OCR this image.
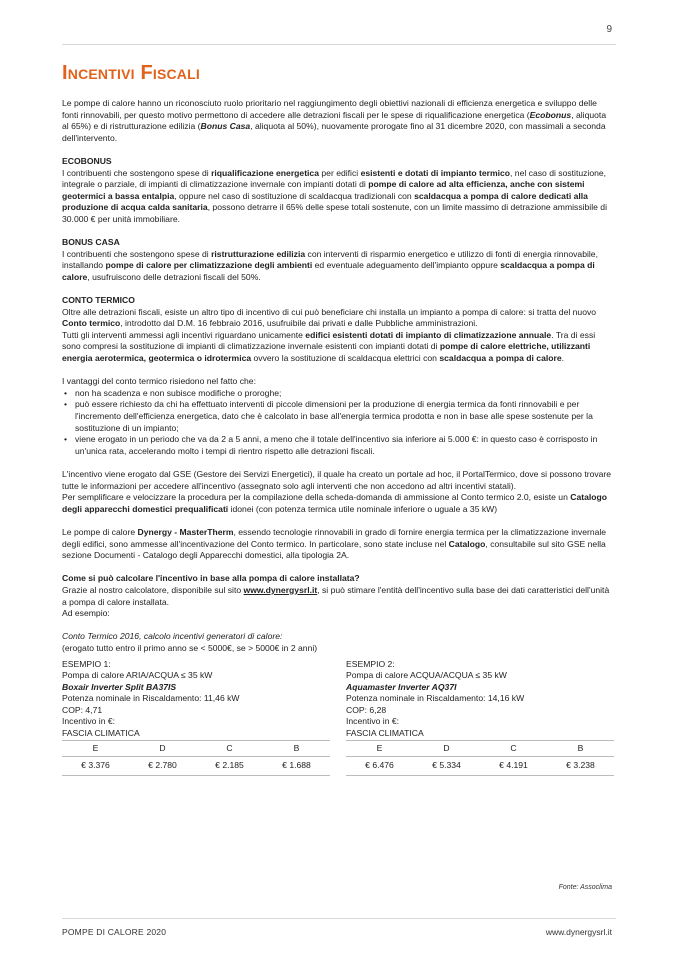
9
Incentivi Fiscali

Le pompe di calore hanno un riconosciuto ruolo prioritario nel raggiungimento degli obiettivi nazionali di efficienza energetica e sviluppo delle fonti rinnovabili, per questo motivo permettono di accedere alle detrazioni fiscali per le spese di riqualificazione energetica (Ecobonus, aliquota al 65%) e di ristrutturazione edilizia (Bonus Casa, aliquota al 50%), nuovamente prorogate fino al 31 dicembre 2020, con massimali a seconda dell'intervento.

ECOBONUS

I contribuenti che sostengono spese di riqualificazione energetica per edifici esistenti e dotati di impianto termico, nel caso di sostituzione, integrale o parziale, di impianti di climatizzazione invernale con impianti dotati di pompe di calore ad alta efficienza, anche con sistemi geotermici a bassa entalpia, oppure nel caso di sostituzione di scaldacqua tradizionali con scaldacqua a pompa di calore dedicati alla produzione di acqua calda sanitaria, possono detrarre il 65% delle spese totali sostenute, con un limite massimo di detrazione ammissibile di 30.000 € per unità immobiliare.

BONUS CASA

I contribuenti che sostengono spese di ristrutturazione edilizia con interventi di risparmio energetico e utilizzo di fonti di energia rinnovabile, installando pompe di calore per climatizzazione degli ambienti ed eventuale adeguamento dell'impianto oppure scaldacqua a pompa di calore, usufruiscono delle detrazioni fiscali del 50%.

CONTO TERMICO

Oltre alle detrazioni fiscali, esiste un altro tipo di incentivo di cui può beneficiare chi installa un impianto a pompa di calore: si tratta del nuovo Conto termico, introdotto dal D.M. 16 febbraio 2016, usufruibile dai privati e dalle Pubbliche amministrazioni.

Tutti gli interventi ammessi agli incentivi riguardano unicamente edifici esistenti dotati di impianto di climatizzazione annuale. Tra di essi sono compresi la sostituzione di impianti di climatizzazione invernale esistenti con impianti dotati di pompe di calore elettriche, utilizzanti energia aerotermica, geotermica o idrotermica ovvero la sostituzione di scaldacqua elettrici con scaldacqua a pompa di calore.

I vantaggi del conto termico risiedono nel fatto che:

• non ha scadenza e non subisce modifiche o proroghe;
• può essere richiesto da chi ha effettuato interventi di piccole dimensioni per la produzione di energia termica da fonti rinnovabili e per l'incremento dell'efficienza energetica, dato che è calcolato in base all'energia termica prodotta e non in base alle spese sostenute per la sostituzione di un impianto;
• viene erogato in un periodo che va da 2 a 5 anni, a meno che il totale dell'incentivo sia inferiore ai 5.000 €: in questo caso è corrisposto in un'unica rata, accelerando molto i tempi di rientro rispetto alle detrazioni fiscali.

L'incentivo viene erogato dal GSE (Gestore dei Servizi Energetici), il quale ha creato un portale ad hoc, il PortalTermico, dove si possono trovare tutte le informazioni per accedere all'incentivo (assegnato solo agli interventi che non accedono ad altri incentivi statali).

Per semplificare e velocizzare la procedura per la compilazione della scheda-domanda di ammissione al Conto termico 2.0, esiste un Catalogo degli apparecchi domestici prequalificati idonei (con potenza termica utile nominale inferiore o uguale a 35 kW)

Le pompe di calore Dynergy - MasterTherm, essendo tecnologie rinnovabili in grado di fornire energia termica per la climatizzazione invernale degli edifici, sono ammesse all'incentivazione del Conto termico. In particolare, sono state incluse nel Catalogo, consultabile sul sito GSE nella sezione Documenti - Catalogo degli Apparecchi domestici, alla tipologia 2A.

Come si può calcolare l'incentivo in base alla pompa di calore installata?

Grazie al nostro calcolatore, disponibile sul sito www.dynergysrl.it, si può stimare l'entità dell'incentivo sulla base dei dati caratteristici dell'unità a pompa di calore installata.

Ad esempio:

Conto Termico 2016, calcolo incentivi generatori di calore:

(erogato tutto entro il primo anno se < 5000€, se > 5000€ in 2 anni)

ESEMPIO 1:

Pompa di calore ARIA/ACQUA ≤ 35 kW

Boxair Inverter Split BA37IS

Potenza nominale in Riscaldamento: 11,46 kW

COP: 4,71

Incentivo in €:

FASCIA CLIMATICA

E	D	C	B
€ 3.376	€ 2.780	€ 2.185	€ 1.688

ESEMPIO 2:

Pompa di calore ACQUA/ACQUA ≤ 35 kW

Aquamaster Inverter AQ37I

Potenza nominale in Riscaldamento: 14,16 kW

COP: 6,28

Incentivo in €:

FASCIA CLIMATICA

E	D	C	B
€ 6.476	€ 5.334	€ 4.191	€ 3.238
Fonte: Assoclima
POMPE DI CALORE 2020	www.dynergysrl.it
